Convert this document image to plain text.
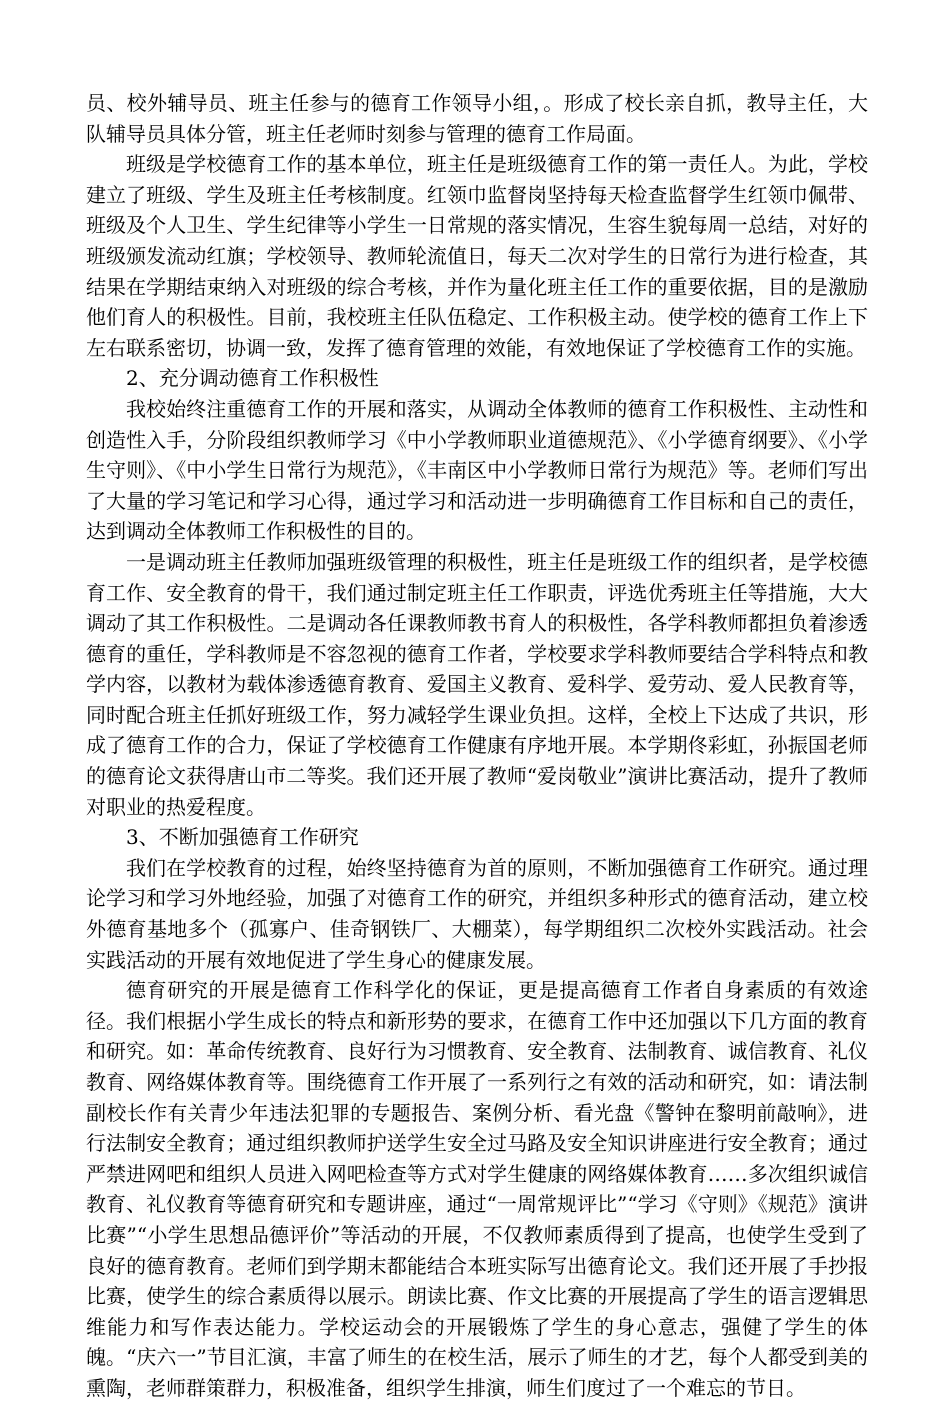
员、校外辅导员、班主任参与的德育工作领导小组，。形成了校长亲自抓，教导主任，大队辅导员具体分管，班主任老师时刻参与管理的德育工作局面。

班级是学校德育工作的基本单位，班主任是班级德育工作的第一责任人。为此，学校建立了班级、学生及班主任考核制度。红领巾监督岗坚持每天检查监督学生红领巾佩带、班级及个人卫生、学生纪律等小学生一日常规的落实情况，生容生貌每周一总结，对好的班级颁发流动红旗；学校领导、教师轮流值日，每天二次对学生的日常行为进行检查，其结果在学期结束纳入对班级的综合考核，并作为量化班主任工作的重要依据，目的是激励他们育人的积极性。目前，我校班主任队伍稳定、工作积极主动。使学校的德育工作上下左右联系密切，协调一致，发挥了德育管理的效能，有效地保证了学校德育工作的实施。

2、充分调动德育工作积极性

我校始终注重德育工作的开展和落实，从调动全体教师的德育工作积极性、主动性和创造性入手，分阶段组织教师学习《中小学教师职业道德规范》、《小学德育纲要》、《小学生守则》、《中小学生日常行为规范》，《丰南区中小学教师日常行为规范》等。老师们写出了大量的学习笔记和学习心得，通过学习和活动进一步明确德育工作目标和自己的责任，达到调动全体教师工作积极性的目的。

一是调动班主任教师加强班级管理的积极性，班主任是班级工作的组织者，是学校德育工作、安全教育的骨干，我们通过制定班主任工作职责，评选优秀班主任等措施，大大调动了其工作积极性。二是调动各任课教师教书育人的积极性，各学科教师都担负着渗透德育的重任，学科教师是不容忽视的德育工作者，学校要求学科教师要结合学科特点和教学内容，以教材为载体渗透德育教育、爱国主义教育、爱科学、爱劳动、爱人民教育等，同时配合班主任抓好班级工作，努力减轻学生课业负担。这样，全校上下达成了共识，形成了德育工作的合力，保证了学校德育工作健康有序地开展。本学期佟彩虹，孙振国老师的德育论文获得唐山市二等奖。我们还开展了教师“爱岗敬业”演讲比赛活动，提升了教师对职业的热爱程度。

3、不断加强德育工作研究

我们在学校教育的过程，始终坚持德育为首的原则，不断加强德育工作研究。通过理论学习和学习外地经验，加强了对德育工作的研究，并组织多种形式的德育活动，建立校外德育基地多个（孤寡户、佳奇钢铁厂、大棚菜），每学期组织二次校外实践活动。社会实践活动的开展有效地促进了学生身心的健康发展。

德育研究的开展是德育工作科学化的保证，更是提高德育工作者自身素质的有效途径。我们根据小学生成长的特点和新形势的要求，在德育工作中还加强以下几方面的教育和研究。如：革命传统教育、良好行为习惯教育、安全教育、法制教育、诚信教育、礼仪教育、网络媒体教育等。围绕德育工作开展了一系列行之有效的活动和研究，如：请法制副校长作有关青少年违法犯罪的专题报告、案例分析、看光盘《警钟在黎明前敲响》，进行法制安全教育；通过组织教师护送学生安全过马路及安全知识讲座进行安全教育；通过严禁进网吧和组织人员进入网吧检查等方式对学生健康的网络媒体教育……多次组织诚信教育、礼仪教育等德育研究和专题讲座，通过“一周常规评比”“学习《守则》《规范》演讲比赛”“小学生思想品德评价”等活动的开展，不仅教师素质得到了提高，也使学生受到了良好的德育教育。老师们到学期末都能结合本班实际写出德育论文。我们还开展了手抄报比赛，使学生的综合素质得以展示。朗读比赛、作文比赛的开展提高了学生的语言逻辑思维能力和写作表达能力。学校运动会的开展锻炼了学生的身心意志，强健了学生的体魄。“庆六一”节目汇演，丰富了师生的在校生活，展示了师生的才艺，每个人都受到美的熏陶，老师群策群力，积极准备，组织学生排演，师生们度过了一个难忘的节日。
